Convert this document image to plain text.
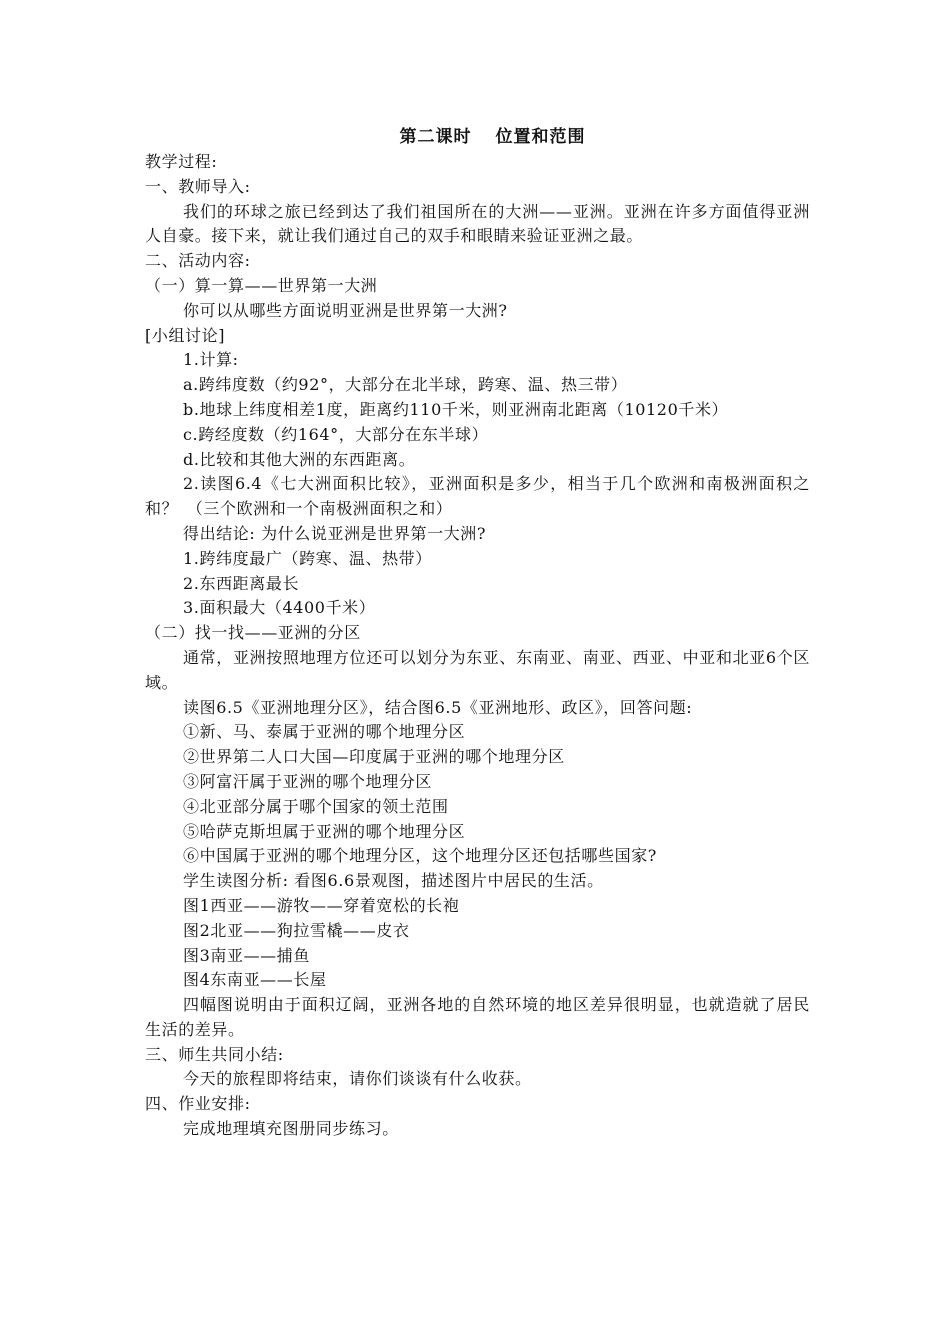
第二课时 位置和范围
教学过程:
一、教师导入:
我们的环球之旅已经到达了我们祖国所在的大洲——亚洲。亚洲在许多方面值得亚洲人自豪。接下来，就让我们通过自己的双手和眼睛来验证亚洲之最。
二、活动内容:
（一）算一算——世界第一大洲
你可以从哪些方面说明亚洲是世界第一大洲?
[小组讨论]
1.计算:
a.跨纬度数（约92°，大部分在北半球，跨寒、温、热三带）
b.地球上纬度相差1度，距离约110千米，则亚洲南北距离（10120千米）
c.跨经度数（约164°，大部分在东半球）
d.比较和其他大洲的东西距离。
2.读图6.4《七大洲面积比较》，亚洲面积是多少，相当于几个欧洲和南极洲面积之和？　（三个欧洲和一个南极洲面积之和）
得出结论: 为什么说亚洲是世界第一大洲?
1.跨纬度最广（跨寒、温、热带）
2.东西距离最长
3.面积最大（4400千米）
（二）找一找——亚洲的分区
通常，亚洲按照地理方位还可以划分为东亚、东南亚、南亚、西亚、中亚和北亚6个区域。
读图6.5《亚洲地理分区》，结合图6.5《亚洲地形、政区》，回答问题:
①新、马、泰属于亚洲的哪个地理分区
②世界第二人口大国—印度属于亚洲的哪个地理分区
③阿富汗属于亚洲的哪个地理分区
④北亚部分属于哪个国家的领土范围
⑤哈萨克斯坦属于亚洲的哪个地理分区
⑥中国属于亚洲的哪个地理分区，这个地理分区还包括哪些国家?
学生读图分析: 看图6.6景观图，描述图片中居民的生活。
图1西亚——游牧——穿着宽松的长袍
图2北亚——狗拉雪橇——皮衣
图3南亚——捕鱼
图4东南亚——长屋
四幅图说明由于面积辽阔，亚洲各地的自然环境的地区差异很明显，也就造就了居民生活的差异。
三、师生共同小结:
今天的旅程即将结束，请你们谈谈有什么收获。
四、作业安排:
完成地理填充图册同步练习。
